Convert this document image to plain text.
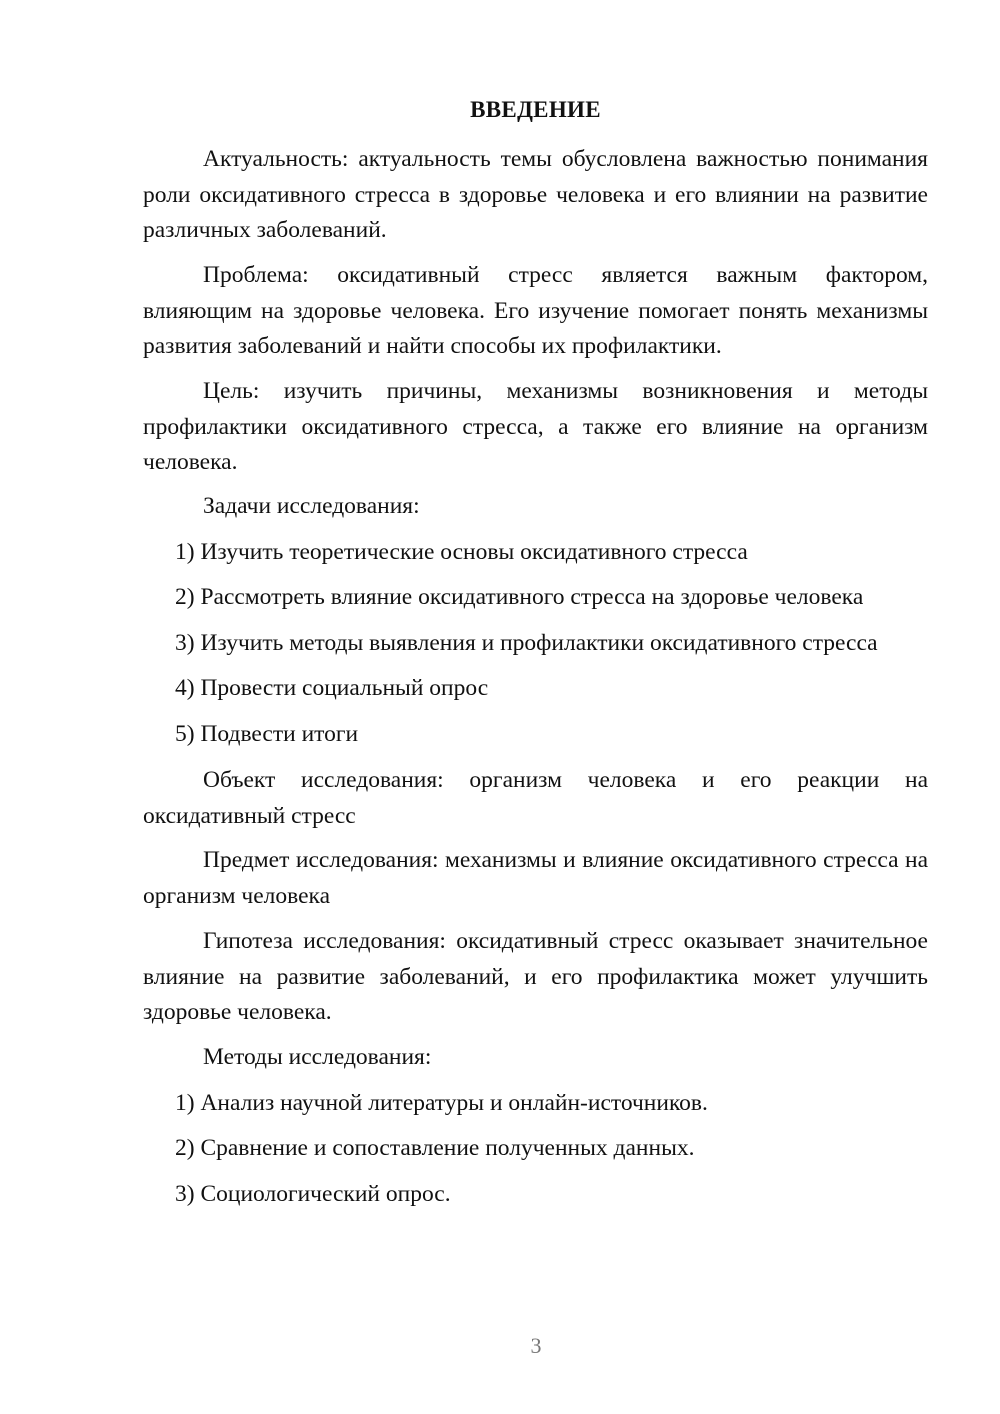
ВВЕДЕНИЕ

Актуальность: актуальность темы обусловлена важностью понимания роли оксидативного стресса в здоровье человека и его влиянии на развитие различных заболеваний.

Проблема: оксидативный стресс является важным фактором, влияющим на здоровье человека. Его изучение помогает понять механизмы развития заболеваний и найти способы их профилактики.

Цель: изучить причины, механизмы возникновения и методы профилактики оксидативного стресса, а также его влияние на организм человека.

Задачи исследования:
1) Изучить теоретические основы оксидативного стресса
2) Рассмотреть влияние оксидативного стресса на здоровье человека
3) Изучить методы выявления и профилактики оксидативного стресса
4) Провести социальный опрос
5) Подвести итоги

Объект исследования: организм человека и его реакции на оксидативный стресс

Предмет исследования: механизмы и влияние оксидативного стресса на организм человека

Гипотеза исследования: оксидативный стресс оказывает значительное влияние на развитие заболеваний, и его профилактика может улучшить здоровье человека.

Методы исследования:
1) Анализ научной литературы и онлайн-источников.
2) Сравнение и сопоставление полученных данных.
3) Социологический опрос.
3
